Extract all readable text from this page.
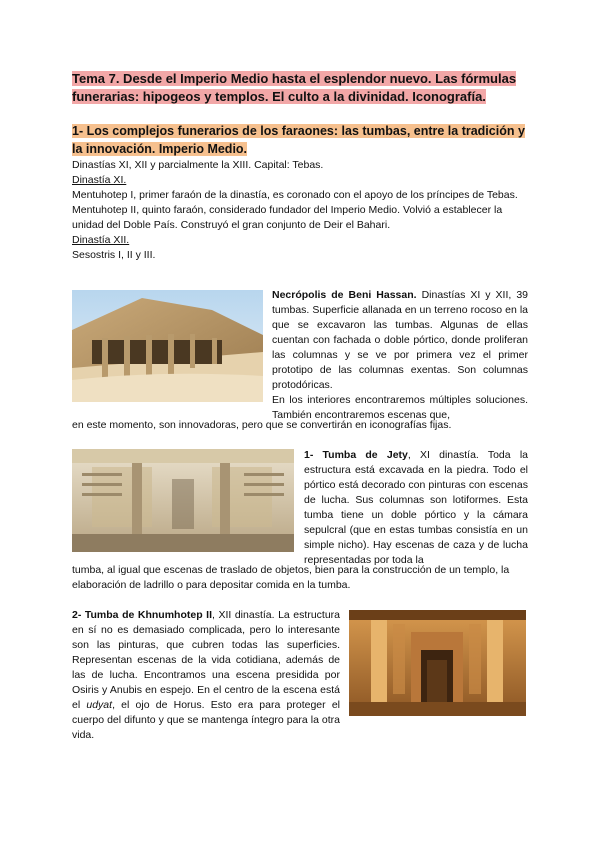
Tema 7. Desde el Imperio Medio hasta el esplendor nuevo. Las fórmulas funerarias: hipogeos y templos. El culto a la divinidad. Iconografía.
1- Los complejos funerarios de los faraones: las tumbas, entre la tradición y la innovación. Imperio Medio.

Dinastías XI, XII y parcialmente la XIII. Capital: Tebas.

Dinastía XI.

Mentuhotep I, primer faraón de la dinastía, es coronado con el apoyo de los príncipes de Tebas.

Mentuhotep II, quinto faraón, considerado fundador del Imperio Medio. Volvió a establecer la unidad del Doble País. Construyó el gran conjunto de Deir el Bahari.

Dinastía XII.

Sesostris I, II y III.

Necrópolis de Beni Hassan. Dinastías XI y XII, 39 tumbas. Superficie allanada en un terreno rocoso en la que se excavaron las tumbas. Algunas de ellas cuentan con fachada o doble pórtico, donde proliferan las columnas y se ve por primera vez el primer prototipo de las columnas exentas. Son columnas protodóricas.

En los interiores encontraremos múltiples soluciones. También encontraremos escenas que,

en este momento, son innovadoras, pero que se convertirán en iconografías fijas.

1- Tumba de Jety, XI dinastía. Toda la estructura está excavada en la piedra. Todo el pórtico está decorado con pinturas con escenas de lucha. Sus columnas son lotiformes. Esta tumba tiene un doble pórtico y la cámara sepulcral (que en estas tumbas consistía en un simple nicho). Hay escenas de caza y de lucha representadas por toda la

tumba, al igual que escenas de traslado de objetos, bien para la construcción de un templo, la elaboración de ladrillo o para depositar comida en la tumba.

2- Tumba de Khnumhotep II, XII dinastía. La estructura en sí no es demasiado complicada, pero lo interesante son las pinturas, que cubren todas las superficies. Representan escenas de la vida cotidiana, además de las de lucha. Encontramos una escena presidida por Osiris y Anubis en espejo. En el centro de la escena está el udyat, el ojo de Horus. Esto era para proteger el cuerpo del difunto y que se mantenga íntegro para la otra vida.
